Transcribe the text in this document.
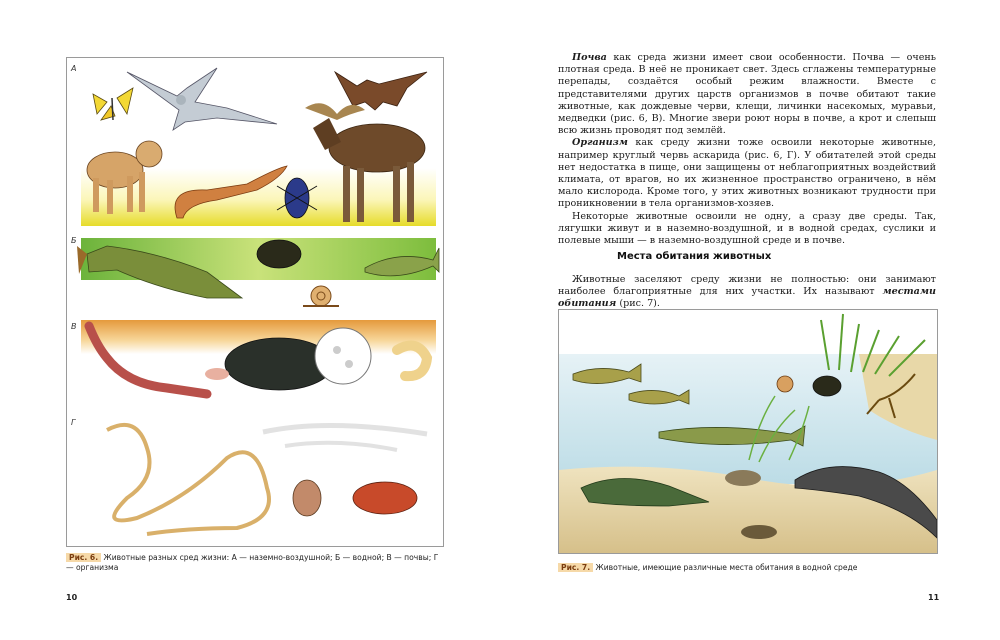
А
Б
В
Г
Рис. 6. Животные разных сред жизни: А — наземно-воздушной; Б — водной; В — почвы; Г — организма
10

Почва как среда жизни имеет свои особенности. Почва — очень плотная среда. В неё не проникает свет. Здесь сглажены температурные перепады, создаётся особый режим влажности. Вместе с представителями других царств организмов в почве обитают такие животные, как дождевые черви, клещи, личинки насекомых, муравьи, медведки (рис. 6, В). Многие звери роют норы в почве, а крот и слепыш всю жизнь проводят под землёй.

Организм как среду жизни тоже освоили некоторые животные, например круглый червь аскарида (рис. 6, Г). У обитателей этой среды нет недостатка в пище, они защищены от неблагоприятных воздействий климата, от врагов, но их жизненное пространство ограничено, в нём мало кислорода. Кроме того, у этих животных возникают трудности при проникновении в тела организмов-хозяев.

Некоторые животные освоили не одну, а сразу две среды. Так, лягушки живут и в наземно-воздушной, и в водной средах, суслики и полевые мыши — в наземно-воздушной среде и в почве.

Места обитания животных

Животные заселяют среду жизни не полностью: они занимают наиболее благоприятные для них участки. Их называют местами обитания (рис. 7).

Рис. 7. Животные, имеющие различные места обитания в водной среде
11
